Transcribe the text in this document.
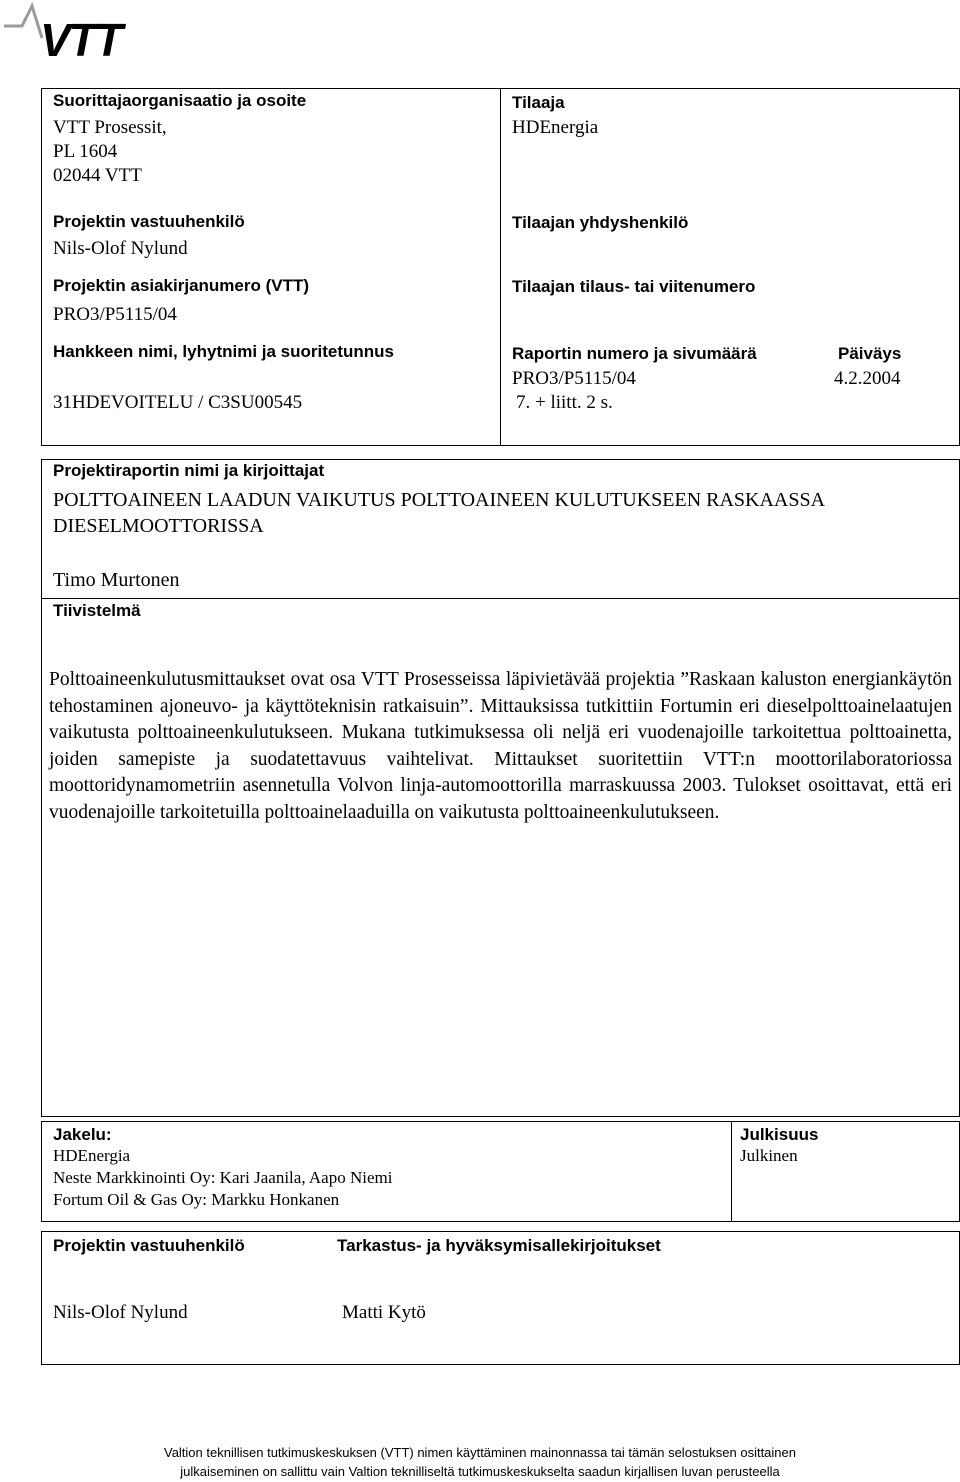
VTT
Suorittajaorganisaatio ja osoite
VTT Prosessit,
PL 1604
02044 VTT
Tilaaja
HDEnergia
Projektin vastuuhenkilö
Nils-Olof Nylund
Tilaajan yhdyshenkilö
Projektin asiakirjanumero (VTT)
PRO3/P5115/04
Tilaajan tilaus- tai viitenumero
Hankkeen nimi, lyhytnimi ja suoritetunnus
31HDEVOITELU / C3SU00545
Raportin numero ja sivumäärä
PRO3/P5115/04
7. + liitt. 2 s.
Päiväys
4.2.2004
Projektiraportin nimi ja kirjoittajat
POLTTOAINEEN LAADUN VAIKUTUS POLTTOAINEEN KULUTUKSEEN RASKAASSA
DIESELMOOTTORISSA
Timo Murtonen
Tiivistelmä
Polttoaineenkulutusmittaukset ovat osa VTT Prosesseissa läpivietävää projektia ”Raskaan kaluston energiankäytön tehostaminen ajoneuvo- ja käyttöteknisin ratkaisuin”. Mittauksissa tutkittiin Fortumin eri dieselpolttoainelaatujen vaikutusta polttoaineenkulutukseen. Mukana tutkimuksessa oli neljä eri vuodenajoille tarkoitettua polttoainetta, joiden samepiste ja suodatettavuus vaihtelivat. Mittaukset suoritettiin VTT:n moottorilaboratoriossa moottoridynamometriin asennetulla Volvon linja-automoottorilla marraskuussa 2003. Tulokset osoittavat, että eri vuodenajoille tarkoitetuilla polttoainelaaduilla on vaikutusta polttoaineenkulutukseen.
Jakelu:
HDEnergia
Neste Markkinointi Oy: Kari Jaanila, Aapo Niemi
Fortum Oil & Gas Oy: Markku Honkanen
Julkisuus
Julkinen
Projektin vastuuhenkilö
Nils-Olof Nylund
Tarkastus- ja hyväksymisallekirjoitukset
Matti Kytö
Valtion teknillisen tutkimuskeskuksen (VTT) nimen käyttäminen mainonnassa tai tämän selostuksen osittainen
julkaiseminen on sallittu vain Valtion teknilliseltä tutkimuskeskukselta saadun kirjallisen luvan perusteella
